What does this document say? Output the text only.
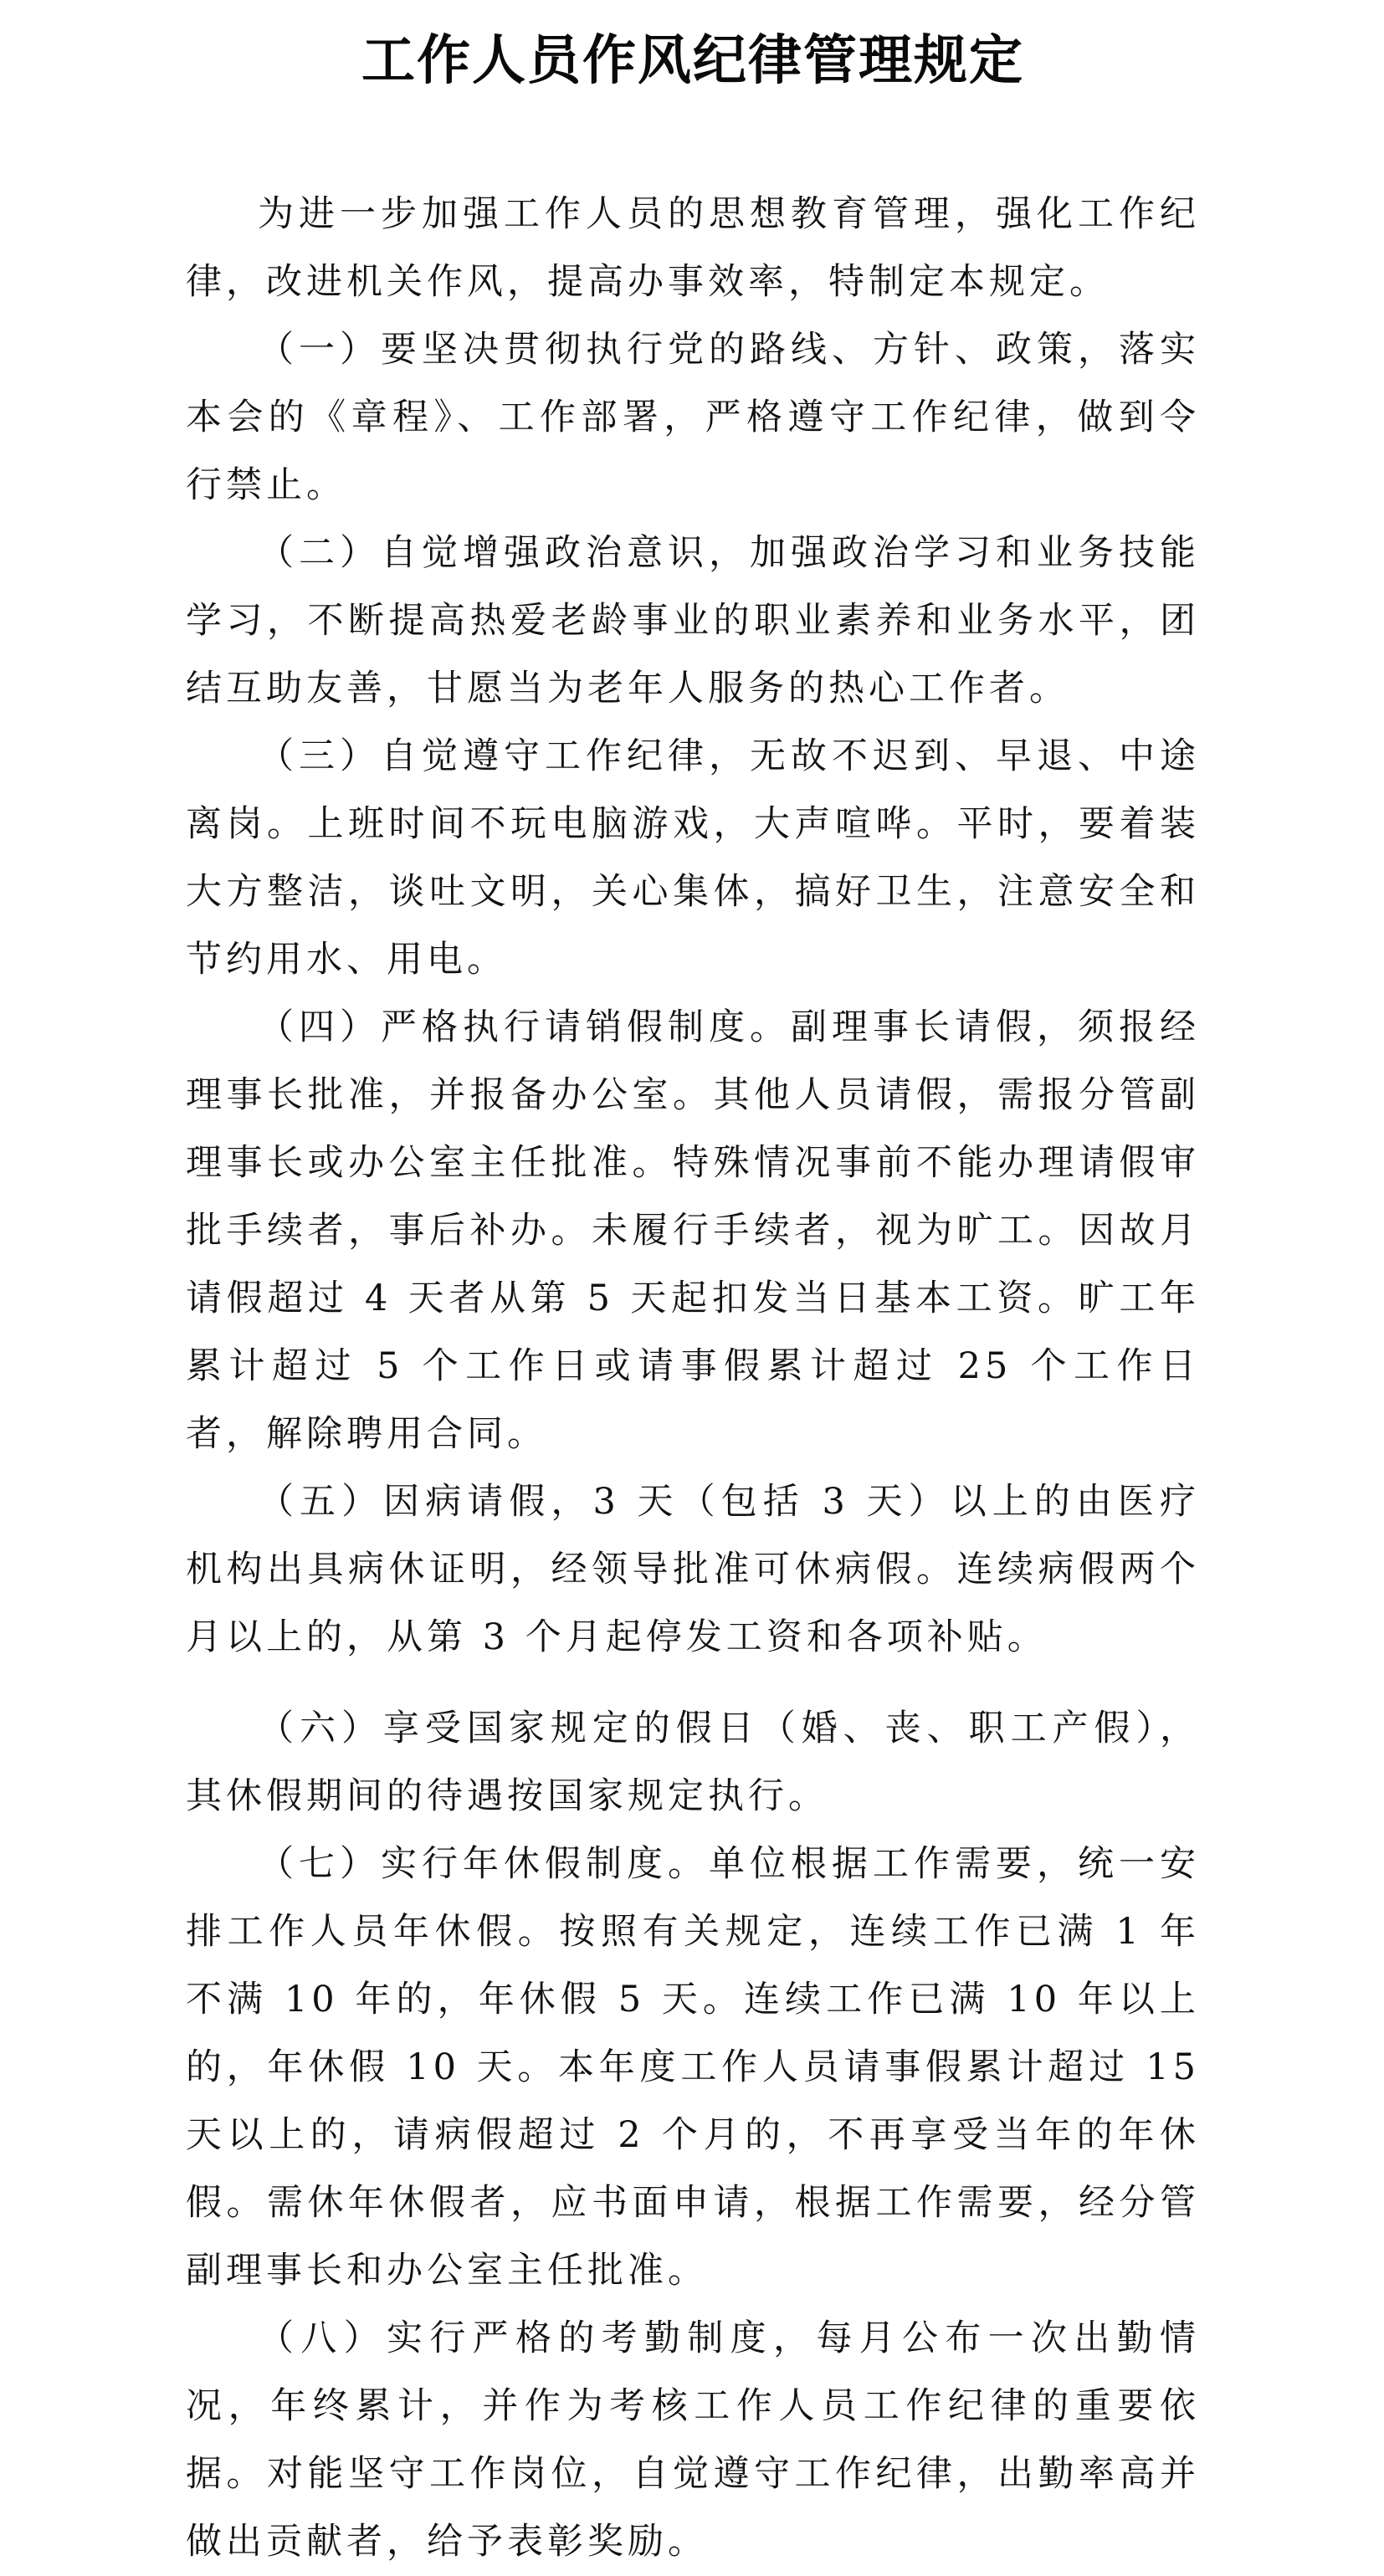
工作人员作风纪律管理规定

为进一步加强工作人员的思想教育管理，强化工作纪律，改进机关作风，提高办事效率，特制定本规定。

（一）要坚决贯彻执行党的路线、方针、政策，落实本会的《章程》、工作部署，严格遵守工作纪律，做到令行禁止。

（二）自觉增强政治意识，加强政治学习和业务技能学习，不断提高热爱老龄事业的职业素养和业务水平，团结互助友善，甘愿当为老年人服务的热心工作者。

（三）自觉遵守工作纪律，无故不迟到、早退、中途离岗。上班时间不玩电脑游戏，大声喧哗。平时，要着装大方整洁，谈吐文明，关心集体，搞好卫生，注意安全和节约用水、用电。

（四）严格执行请销假制度。副理事长请假，须报经理事长批准，并报备办公室。其他人员请假，需报分管副理事长或办公室主任批准。特殊情况事前不能办理请假审批手续者，事后补办。未履行手续者，视为旷工。因故月请假超过 4 天者从第 5 天起扣发当日基本工资。旷工年累计超过 5 个工作日或请事假累计超过 25 个工作日者，解除聘用合同。

（五）因病请假，3 天（包括 3 天）以上的由医疗机构出具病休证明，经领导批准可休病假。连续病假两个月以上的，从第 3 个月起停发工资和各项补贴。

（六）享受国家规定的假日（婚、丧、职工产假），其休假期间的待遇按国家规定执行。

（七）实行年休假制度。单位根据工作需要，统一安排工作人员年休假。按照有关规定，连续工作已满 1 年不满 10 年的，年休假 5 天。连续工作已满 10 年以上的，年休假 10 天。本年度工作人员请事假累计超过 15 天以上的，请病假超过 2 个月的，不再享受当年的年休假。需休年休假者，应书面申请，根据工作需要，经分管副理事长和办公室主任批准。

（八）实行严格的考勤制度，每月公布一次出勤情况，年终累计，并作为考核工作人员工作纪律的重要依据。对能坚守工作岗位，自觉遵守工作纪律，出勤率高并做出贡献者，给予表彰奖励。
